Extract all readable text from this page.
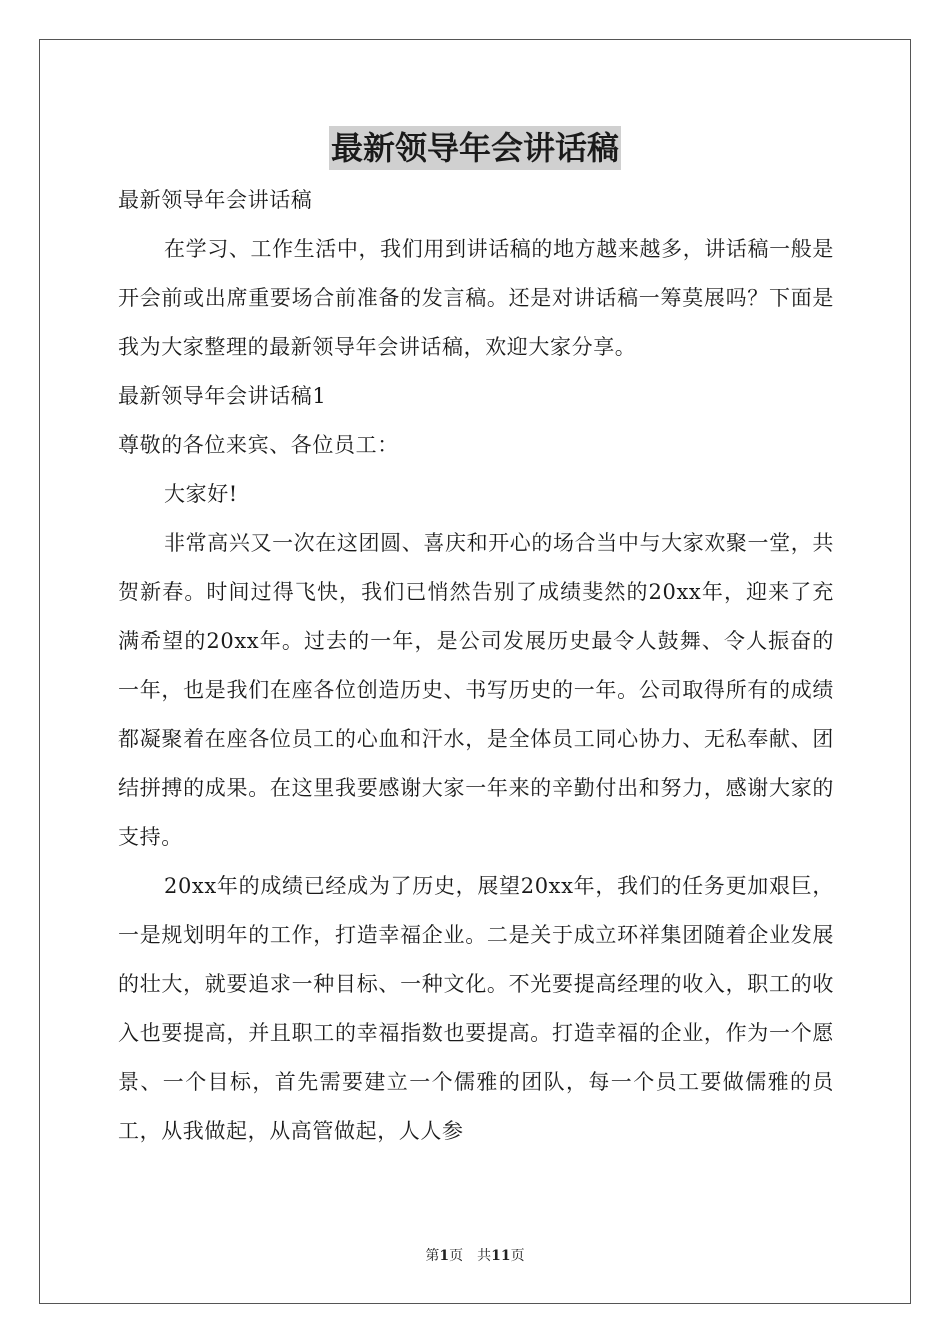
最新领导年会讲话稿

最新领导年会讲话稿

在学习、工作生活中，我们用到讲话稿的地方越来越多，讲话稿一般是开会前或出席重要场合前准备的发言稿。还是对讲话稿一筹莫展吗？下面是我为大家整理的最新领导年会讲话稿，欢迎大家分享。

最新领导年会讲话稿1

尊敬的各位来宾、各位员工：

大家好!

非常高兴又一次在这团圆、喜庆和开心的场合当中与大家欢聚一堂，共贺新春。时间过得飞快，我们已悄然告别了成绩斐然的20xx年，迎来了充满希望的20xx年。过去的一年，是公司发展历史最令人鼓舞、令人振奋的一年，也是我们在座各位创造历史、书写历史的一年。公司取得所有的成绩都凝聚着在座各位员工的心血和汗水，是全体员工同心协力、无私奉献、团结拼搏的成果。在这里我要感谢大家一年来的辛勤付出和努力，感谢大家的支持。

20xx年的成绩已经成为了历史，展望20xx年，我们的任务更加艰巨，一是规划明年的工作，打造幸福企业。二是关于成立环祥集团随着企业发展的壮大，就要追求一种目标、一种文化。不光要提高经理的收入，职工的收入也要提高，并且职工的幸福指数也要提高。打造幸福的企业，作为一个愿景、一个目标，首先需要建立一个儒雅的团队，每一个员工要做儒雅的员工，从我做起，从高管做起，人人参

第1页　共11页
